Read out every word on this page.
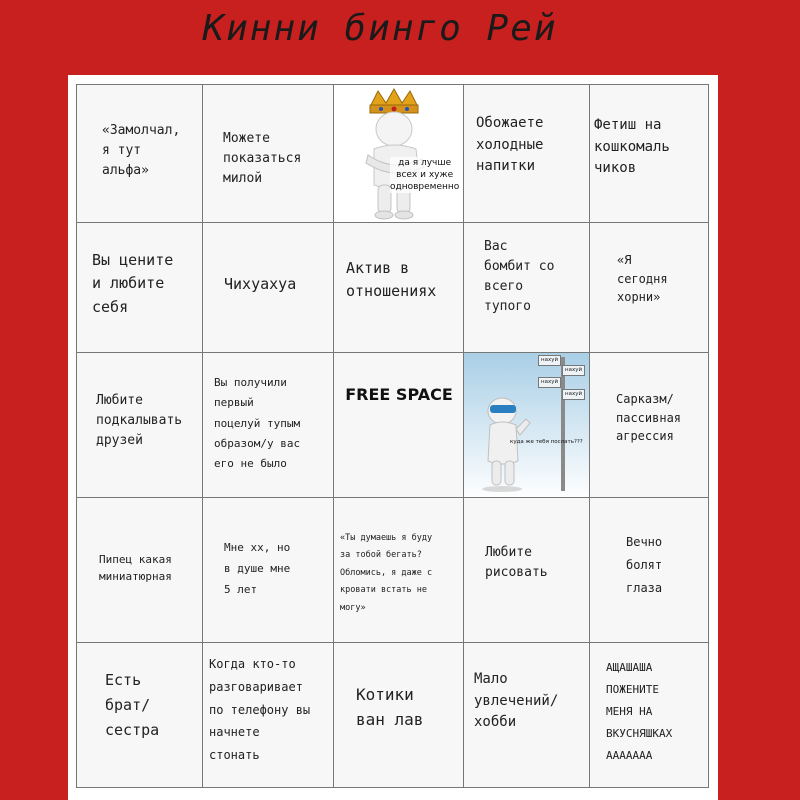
Кинни бинго Рей
«Замолчал,
я тут
альфа»
Можете
показаться
милой
да я лучше
всех и хуже
одновременно
Обожаете
холодные
напитки
Фетиш на
кошкомаль
чиков
Вы цените
и любите
себя
Чихуахуа
Актив в
отношениях
Вас
бомбит со
всего
тупого
«Я
сегодня
хорни»
Любите
подкалывать
друзей
Вы получили
первый
поцелуй тупым
образом/у вас
его не было
FREE SPACE
нахуй
нахуй
нахуй
нахуй
куда же тебя послать???
Сарказм/
пассивная
агрессия
Пипец какая
миниатюрная
Мне хх, но
в душе мне
5 лет
«Ты думаешь я буду
за тобой бегать?
Обломись, я даже с
кровати встать не
могу»
Любите
рисовать
Вечно
болят
глаза
Есть
брат/
сестра
Когда кто-то
разговаривает
по телефону вы
начнете
стонать
Котики
ван лав
Мало
увлечений/
хобби
АЩАШАША
ПОЖЕНИТЕ
МЕНЯ НА
ВКУСНЯШКАХ
ААААААА
